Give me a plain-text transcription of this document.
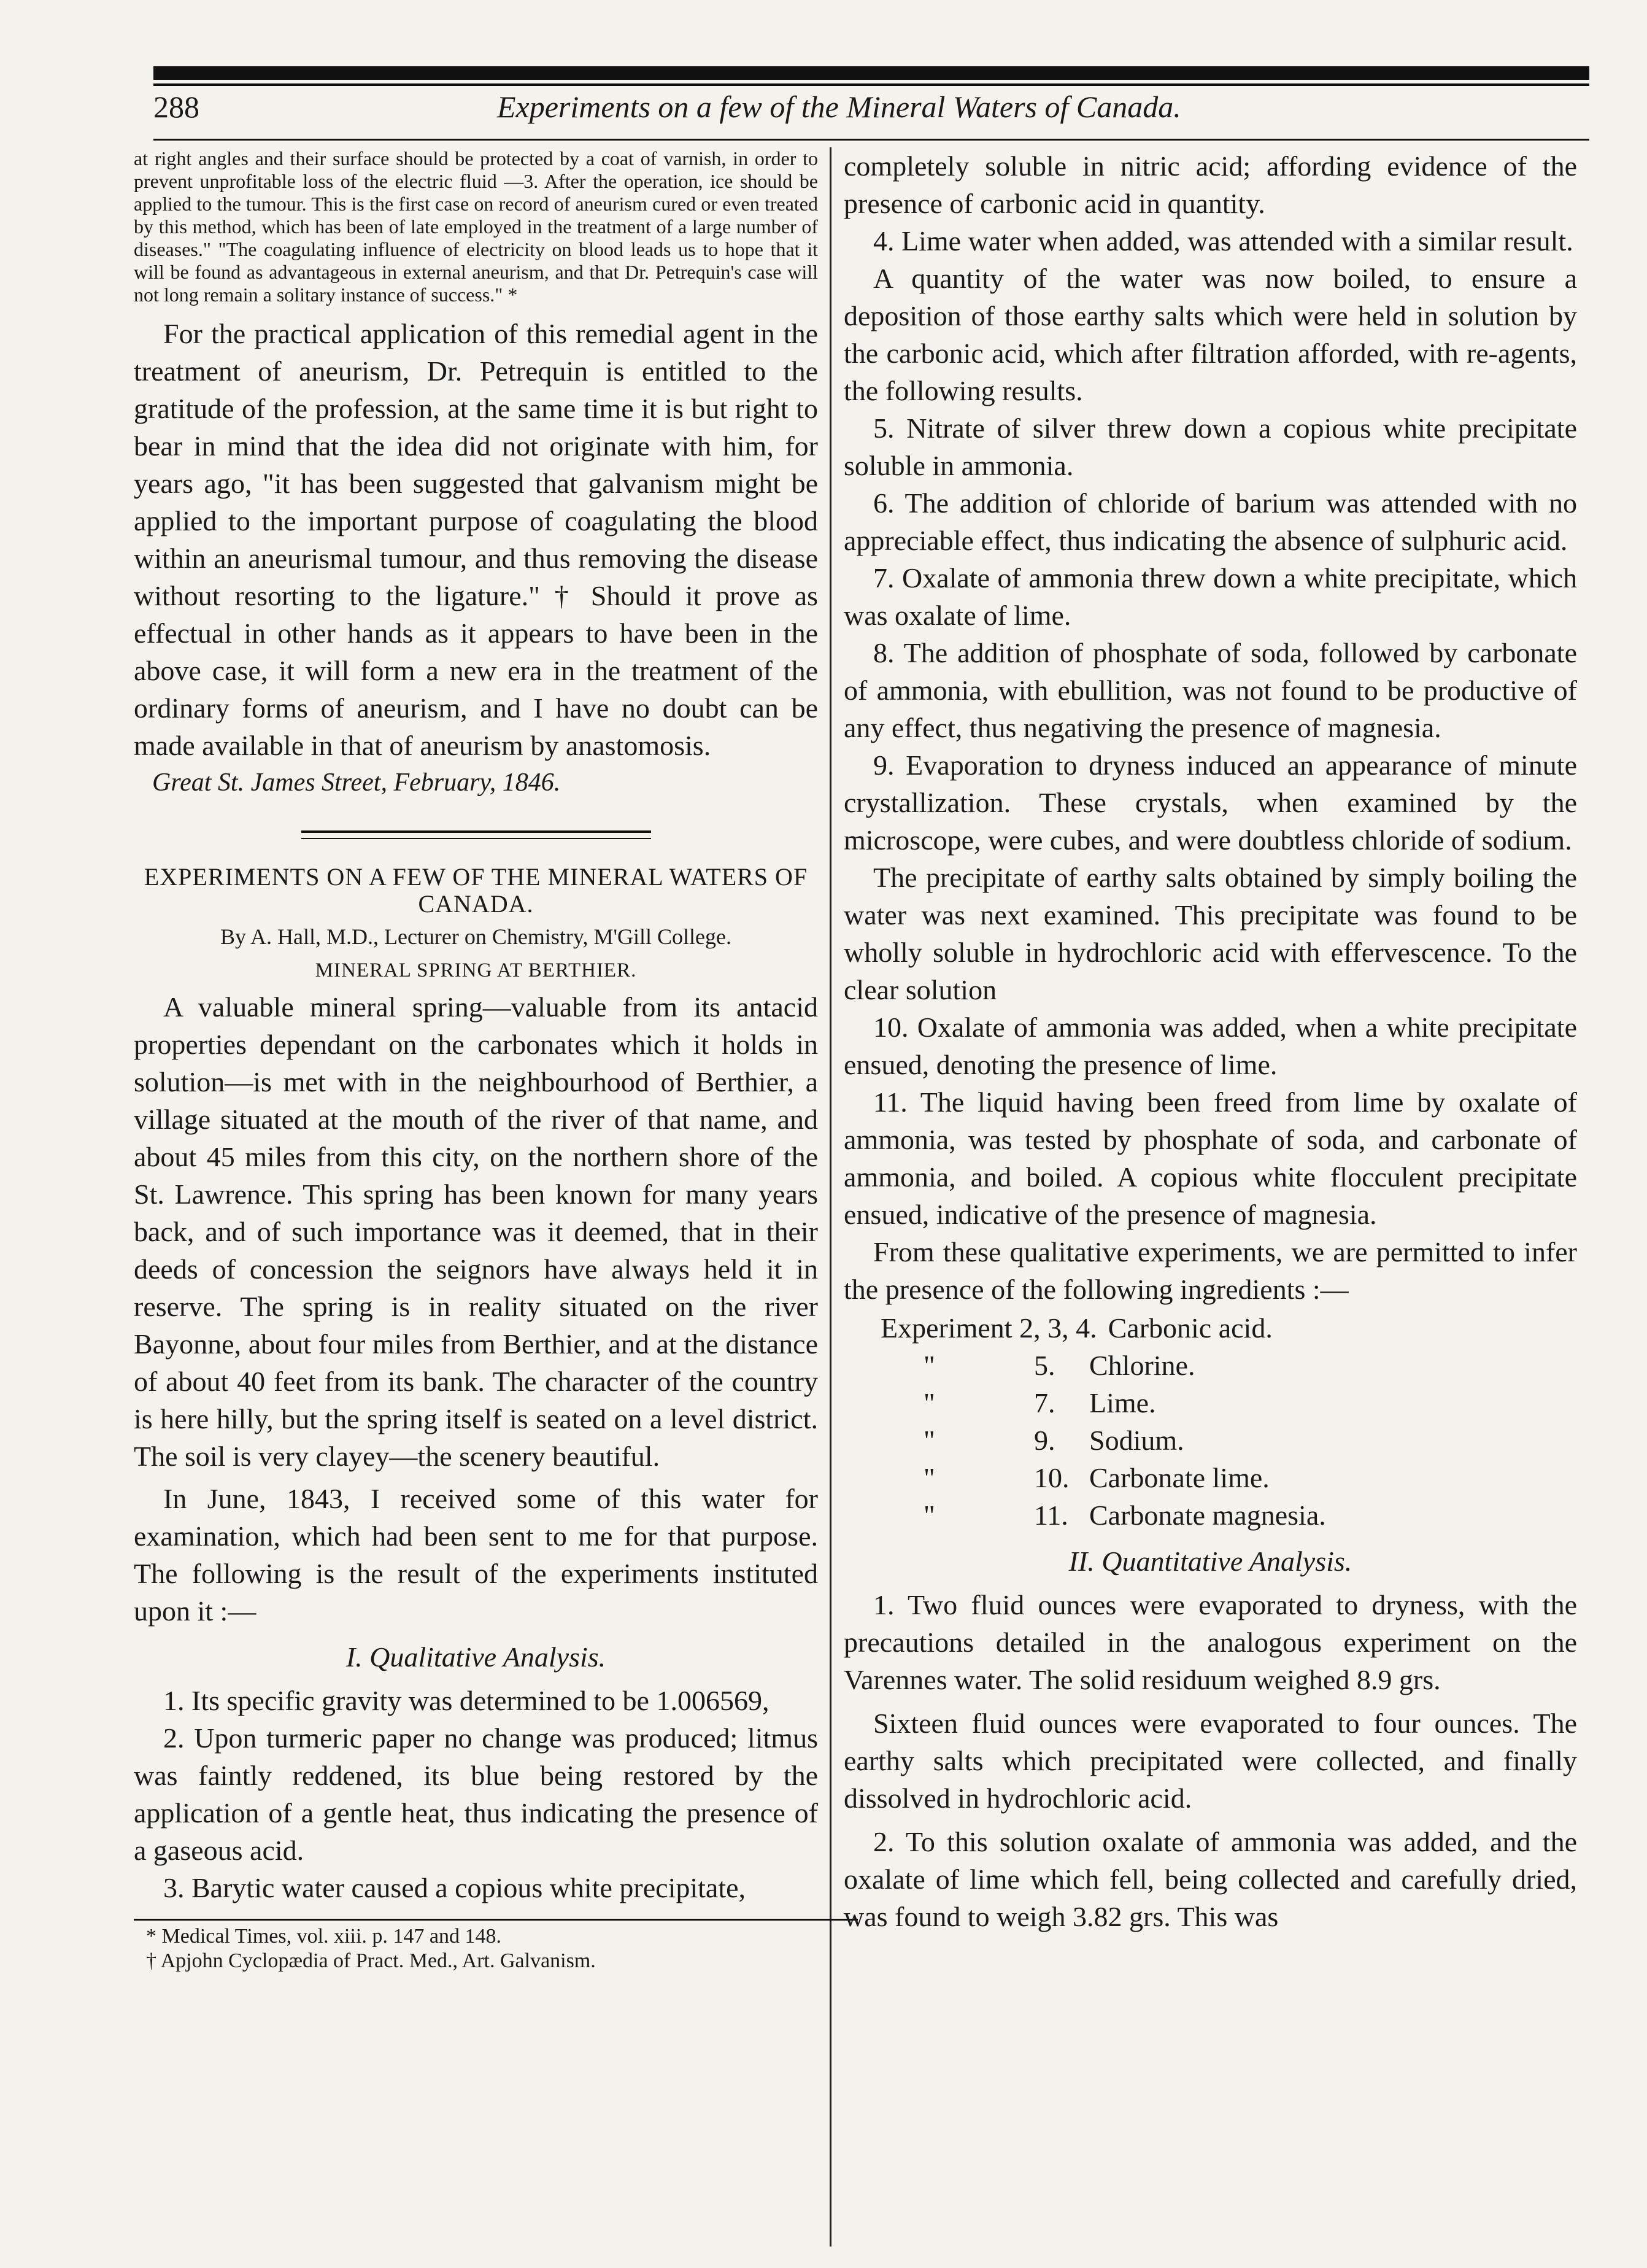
288	Experiments on a few of the Mineral Waters of Canada.

at right angles and their surface should be protected by a coat of varnish, in order to prevent unprofitable loss of the electric fluid —3. After the operation, ice should be applied to the tumour. This is the first case on record of aneurism cured or even treated by this method, which has been of late employed in the treatment of a large number of diseases." "The coagulating influence of electricity on blood leads us to hope that it will be found as advantageous in external aneurism, and that Dr. Petrequin's case will not long remain a solitary instance of success." *

For the practical application of this remedial agent in the treatment of aneurism, Dr. Petrequin is entitled to the gratitude of the profession, at the same time it is but right to bear in mind that the idea did not originate with him, for years ago, "it has been suggested that galvanism might be applied to the important purpose of coagulating the blood within an aneurismal tumour, and thus removing the disease without resorting to the ligature." † Should it prove as effectual in other hands as it appears to have been in the above case, it will form a new era in the treatment of the ordinary forms of aneurism, and I have no doubt can be made available in that of aneurism by anastomosis.

Great St. James Street, February, 1846.

EXPERIMENTS ON A FEW OF THE MINERAL WATERS OF CANADA.

By A. Hall, M.D., Lecturer on Chemistry, M'Gill College.

MINERAL SPRING AT BERTHIER.

A valuable mineral spring—valuable from its antacid properties dependant on the carbonates which it holds in solution—is met with in the neighbourhood of Berthier, a village situated at the mouth of the river of that name, and about 45 miles from this city, on the northern shore of the St. Lawrence. This spring has been known for many years back, and of such importance was it deemed, that in their deeds of concession the seignors have always held it in reserve. The spring is in reality situated on the river Bayonne, about four miles from Berthier, and at the distance of about 40 feet from its bank. The character of the country is here hilly, but the spring itself is seated on a level district. The soil is very clayey—the scenery beautiful.

In June, 1843, I received some of this water for examination, which had been sent to me for that purpose. The following is the result of the experiments instituted upon it :—

I. Qualitative Analysis.

1. Its specific gravity was determined to be 1.006569,

2. Upon turmeric paper no change was produced; litmus was faintly reddened, its blue being restored by the application of a gentle heat, thus indicating the presence of a gaseous acid.

3. Barytic water caused a copious white precipitate,

* Medical Times, vol. xiii. p. 147 and 148.

† Apjohn Cyclopædia of Pract. Med., Art. Galvanism.

completely soluble in nitric acid; affording evidence of the presence of carbonic acid in quantity.

4. Lime water when added, was attended with a similar result.

A quantity of the water was now boiled, to ensure a deposition of those earthy salts which were held in solution by the carbonic acid, which after filtration afforded, with re-agents, the following results.

5. Nitrate of silver threw down a copious white precipitate soluble in ammonia.

6. The addition of chloride of barium was attended with no appreciable effect, thus indicating the absence of sulphuric acid.

7. Oxalate of ammonia threw down a white precipitate, which was oxalate of lime.

8. The addition of phosphate of soda, followed by carbonate of ammonia, with ebullition, was not found to be productive of any effect, thus negativing the presence of magnesia.

9. Evaporation to dryness induced an appearance of minute crystallization. These crystals, when examined by the microscope, were cubes, and were doubtless chloride of sodium.

The precipitate of earthy salts obtained by simply boiling the water was next examined. This precipitate was found to be wholly soluble in hydrochloric acid with effervescence. To the clear solution

10. Oxalate of ammonia was added, when a white precipitate ensued, denoting the presence of lime.

11. The liquid having been freed from lime by oxalate of ammonia, was tested by phosphate of soda, and carbonate of ammonia, and boiled. A copious white flocculent precipitate ensued, indicative of the presence of magnesia.

From these qualitative experiments, we are permitted to infer the presence of the following ingredients :—

Experiment 2, 3, 4. Carbonic acid.
"	5.	Chlorine.
"	7.	Lime.
"	9.	Sodium.
"	10. Carbonate lime.
"	11. Carbonate magnesia.

II. Quantitative Analysis.

1. Two fluid ounces were evaporated to dryness, with the precautions detailed in the analogous experiment on the Varennes water. The solid residuum weighed 8.9 grs.

Sixteen fluid ounces were evaporated to four ounces. The earthy salts which precipitated were collected, and finally dissolved in hydrochloric acid.

2. To this solution oxalate of ammonia was added, and the oxalate of lime which fell, being collected and carefully dried, was found to weigh 3.82 grs. This was
